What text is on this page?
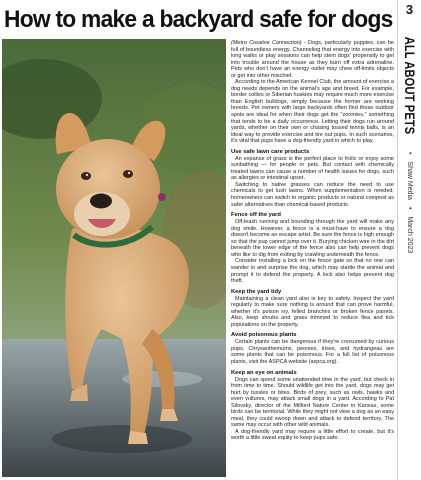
How to make a backyard safe for dogs	3
ALL ABOUT PETS • Shaw Media • March 2023

(Metro Creative Connection) - Dogs, particularly puppies, can be full of boundless energy. Channeling that energy into exercise with long walks or play sessions can help stem dogs' propensity to get into trouble around the house as they burn off extra adrenaline. Pets who don't have an energy outlet may chew off-limits objects or get into other mischief.

According to the American Kennel Club, the amount of exercise a dog needs depends on the animal's age and breed. For example, border collies or Siberian huskies may require much more exercise than English bulldogs, simply because the former are working breeds. Pet owners with large backyards often find those outdoor spots are ideal for when their dogs get the "zoomies," something that tends to be a daily occurrence. Letting their dogs run around yards, whether on their own or chasing tossed tennis balls, is an ideal way to provide exercise and tire out pups. In such scenarios, it's vital that pups have a dog-friendly yard in which to play.

Use safe lawn care products

An expanse of grass is the perfect place to frolic or enjoy some sunbathing — for people or pets. But contact with chemically treated lawns can cause a number of health issues for dogs, such as allergies or intestinal upset.

Switching to native grasses can reduce the need to use chemicals to get lush lawns. When supplementation is needed, homeowners can switch to organic products or natural compost as safer alternatives than chemical-based products.

Fence off the yard

Off-leash running and bounding through the yard will make any dog smile. However, a fence is a must-have to ensure a dog doesn't become an escape artist. Be sure the fence is high enough so that the pup cannot jump over it. Burying chicken wire in the dirt beneath the lower edge of the fence also can help prevent dogs who like to dig from exiting by crawling underneath the fence.

Consider installing a lock on the fence gate so that no one can wander in and surprise the dog, which may startle the animal and prompt it to defend the property. A lock also helps prevent dog theft.

Keep the yard tidy

Maintaining a clean yard also is key to safety. Inspect the yard regularly to make sure nothing is around that can prove harmful, whether it's poison ivy, felled branches or broken fence panels. Also, keep shrubs and grass trimmed to reduce flea and tick populations on the property.

Avoid poisonous plants

Certain plants can be dangerous if they're consumed by curious pups. Chrysanthemums, peonies, irises, and hydrangeas are some plants that can be poisonous. For a full list of poisonous plants, visit the ASPCA website (aspca.org).

Keep an eye on animals

Dogs can spend some unattended time in the yard, but check in from time to time. Should wildlife get into the yard, dogs may get hurt by tussles or bites. Birds of prey, such as owls, hawks and even vultures, may attack small dogs in a yard. According to Pat Silovsky, director of the Milford Nature Center in Kansas, some birds can be territorial. While they might not view a dog as an easy meal, they could swoop down and attack to defend territory. The same may occur with other wild animals.

A dog-friendly yard may require a little effort to create, but it's worth a little sweat equity to keep pups safe.
